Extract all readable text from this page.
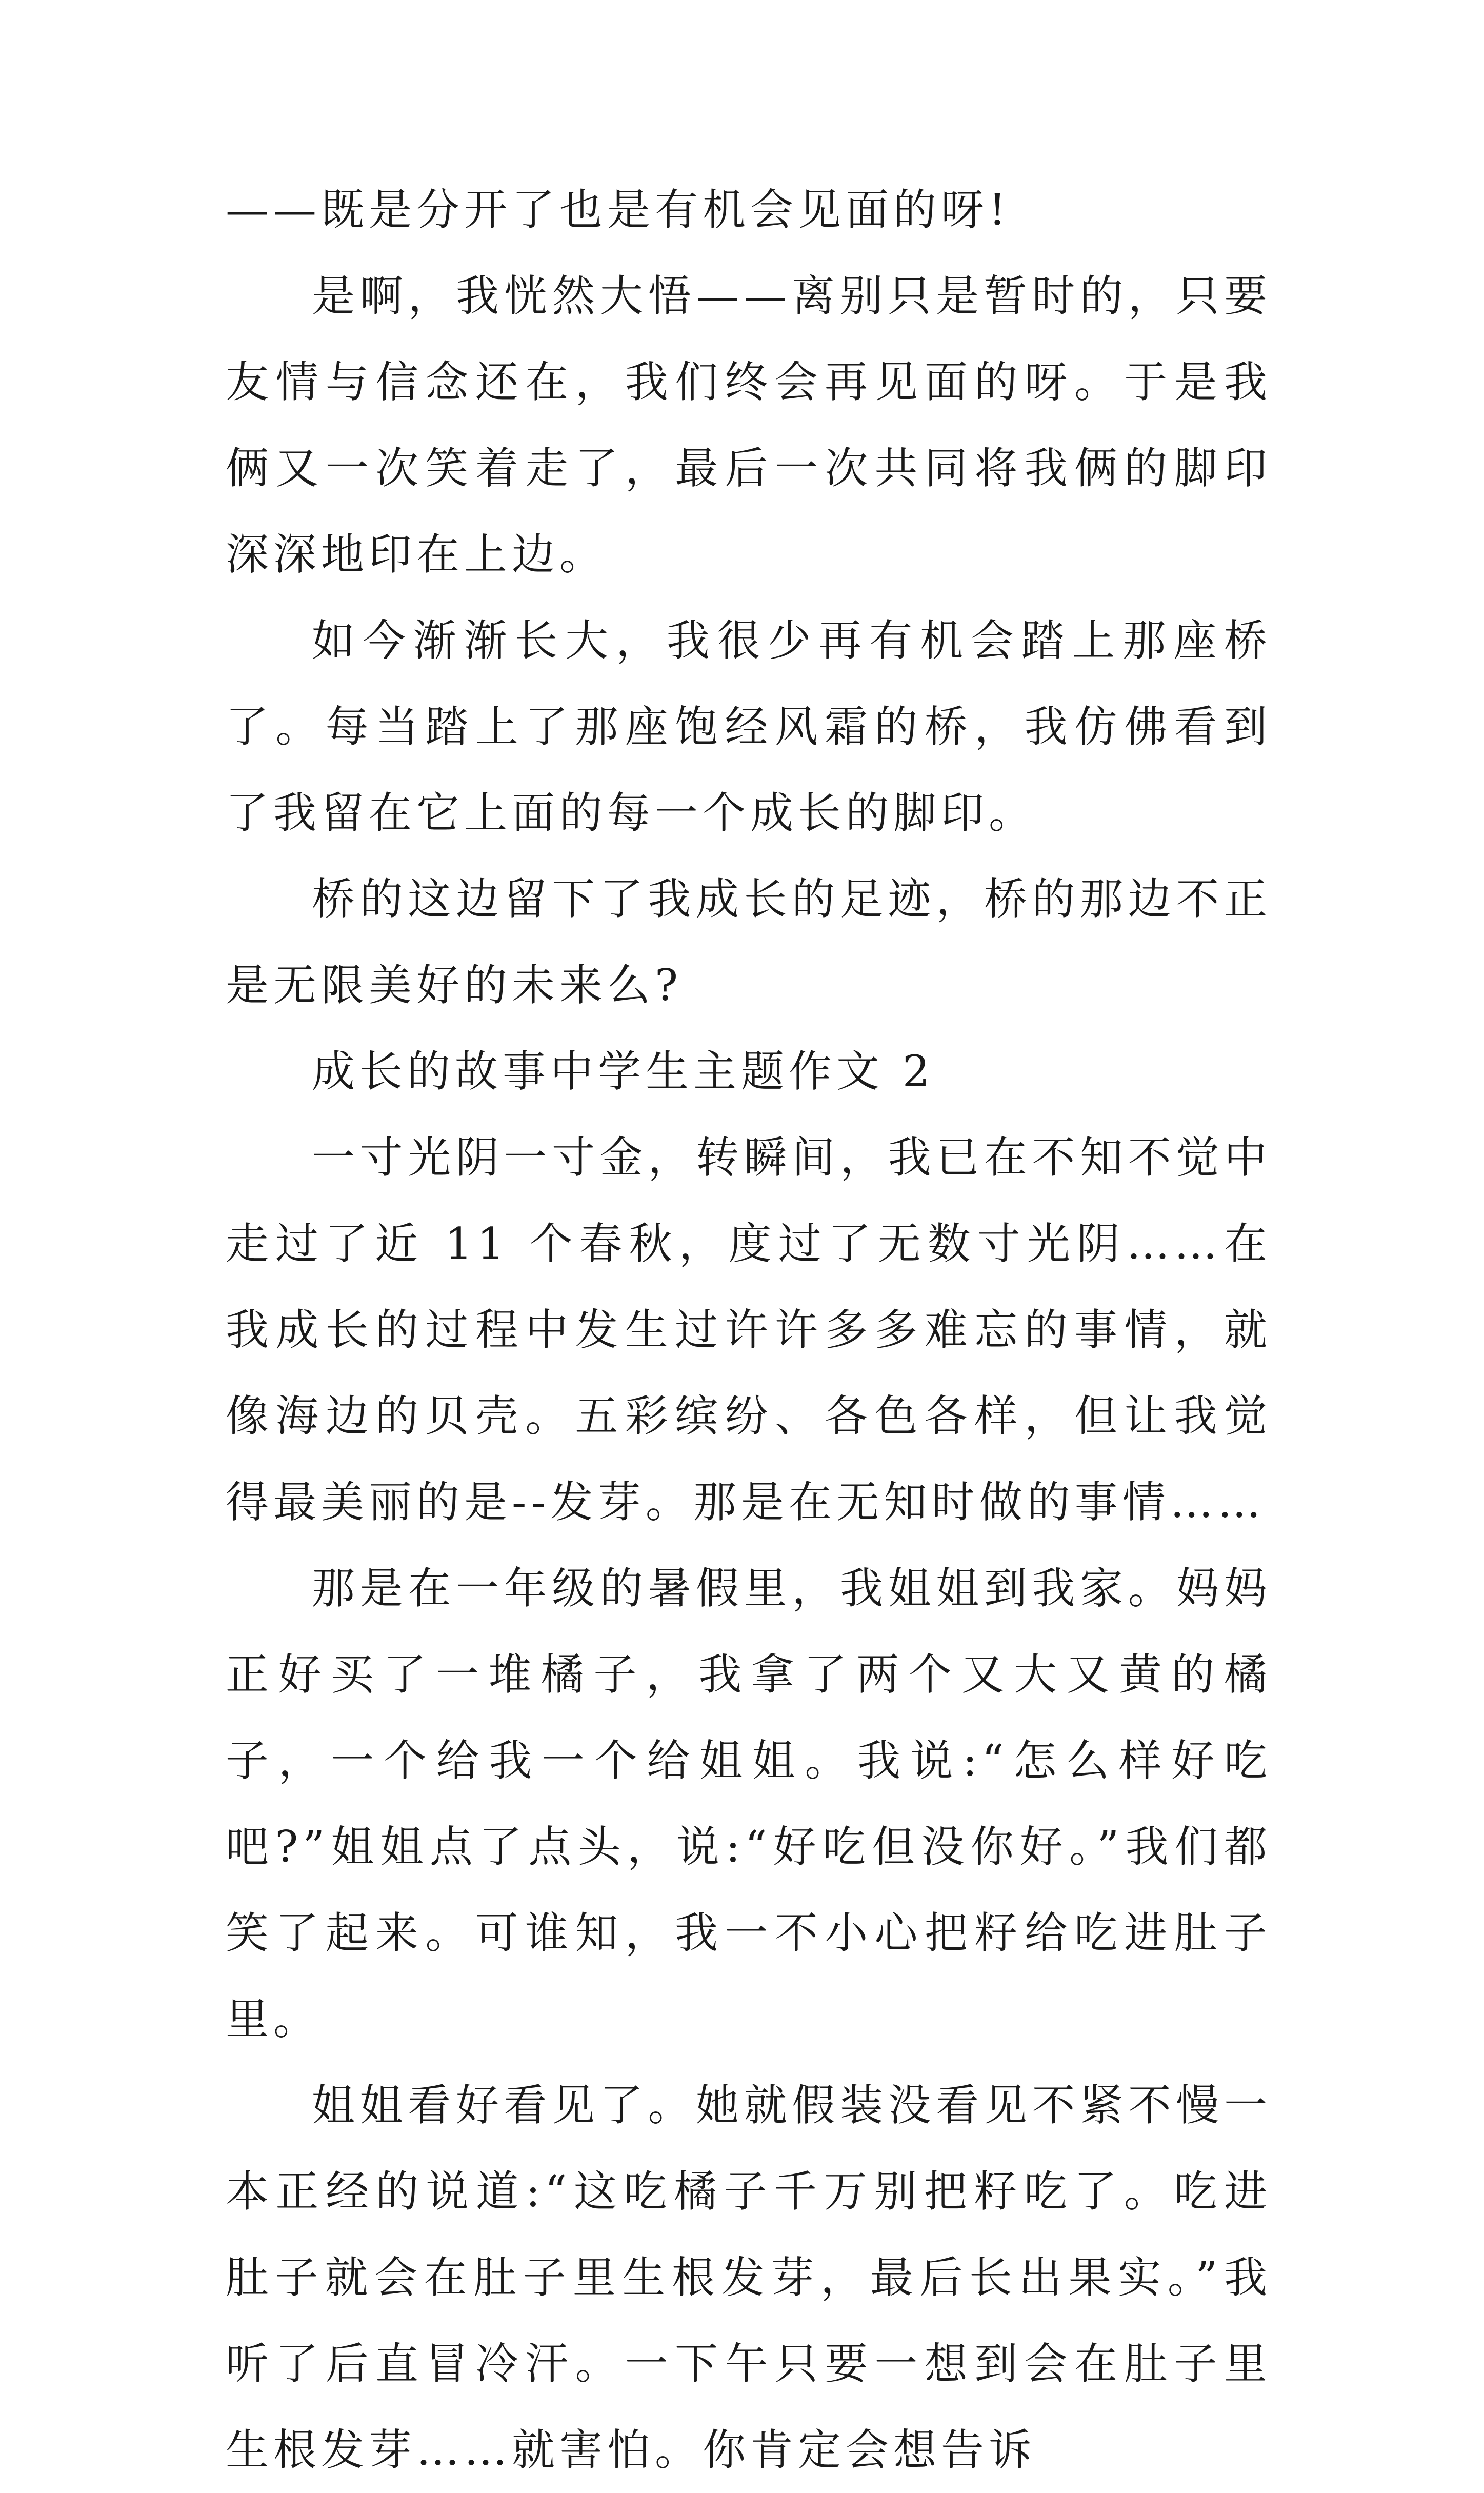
——既是分开了也是有机会见面的呀!

是啊，我恍然大悟——离别只是暂时的，只要友情与信念还在，我们终会再见面的呀。于是我俩又一次笑着走了，最后一次共同将我俩的脚印深深地印在上边。

如今渐渐长大，我很少再有机会踏上那座桥了。每当踏上了那座饱经风霜的桥，我仿佛看到了我留在它上面的每一个成长的脚印。

桥的这边留下了我成长的足迹，桥的那边不正是无限美好的未来么?

成长的故事中学生主题作文 2

一寸光阴一寸金，转瞬间，我已在不知不觉中走过了近 11 个春秋，度过了无数寸光阴……在我成长的过程中发生过许许多多难忘的事情，就像海边的贝壳。五彩缤纷、各色各样，但让我觉得最美丽的是--发芽。那是在无知时做的事情……

那是在一年级的暑假里，我姐姐到我家。妈妈正好买了一堆橘子，我拿了两个又大又黄的橘子，一个给我一个给姐姐。我说:“怎么样好吃吧?”姐姐点了点头，说:“好吃但没你好。”我们都笑了起来。可谁知，我一不小心把籽给吃进肚子里。

姐姐看好看见了。她就假装没看见不紧不慢一本正经的说道:“这吃橘子千万别把籽吃了。吃进肚子就会在肚子里生根发芽，最后长出果实。”我听了后直冒冷汗。一下午只要一想到会在肚子里生根发芽……就害怕。你肯定会想告诉
